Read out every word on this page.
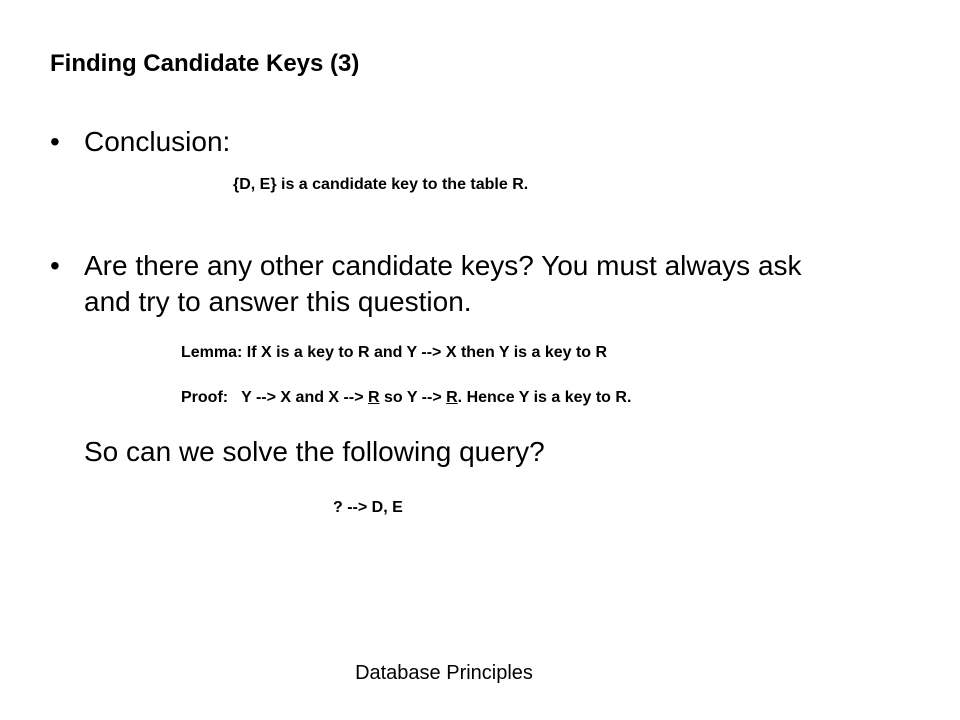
Finding Candidate Keys (3)
• Conclusion:
{D, E} is a candidate key to the table R.
• Are there any other candidate keys? You must always ask
and try to answer this question.
Lemma: If X is a key to R and Y --> X then Y is a key to R
Proof:   Y --> X and X --> R so Y --> R. Hence Y is a key to R.
So can we solve the following query?
? --> D, E
Database Principles
